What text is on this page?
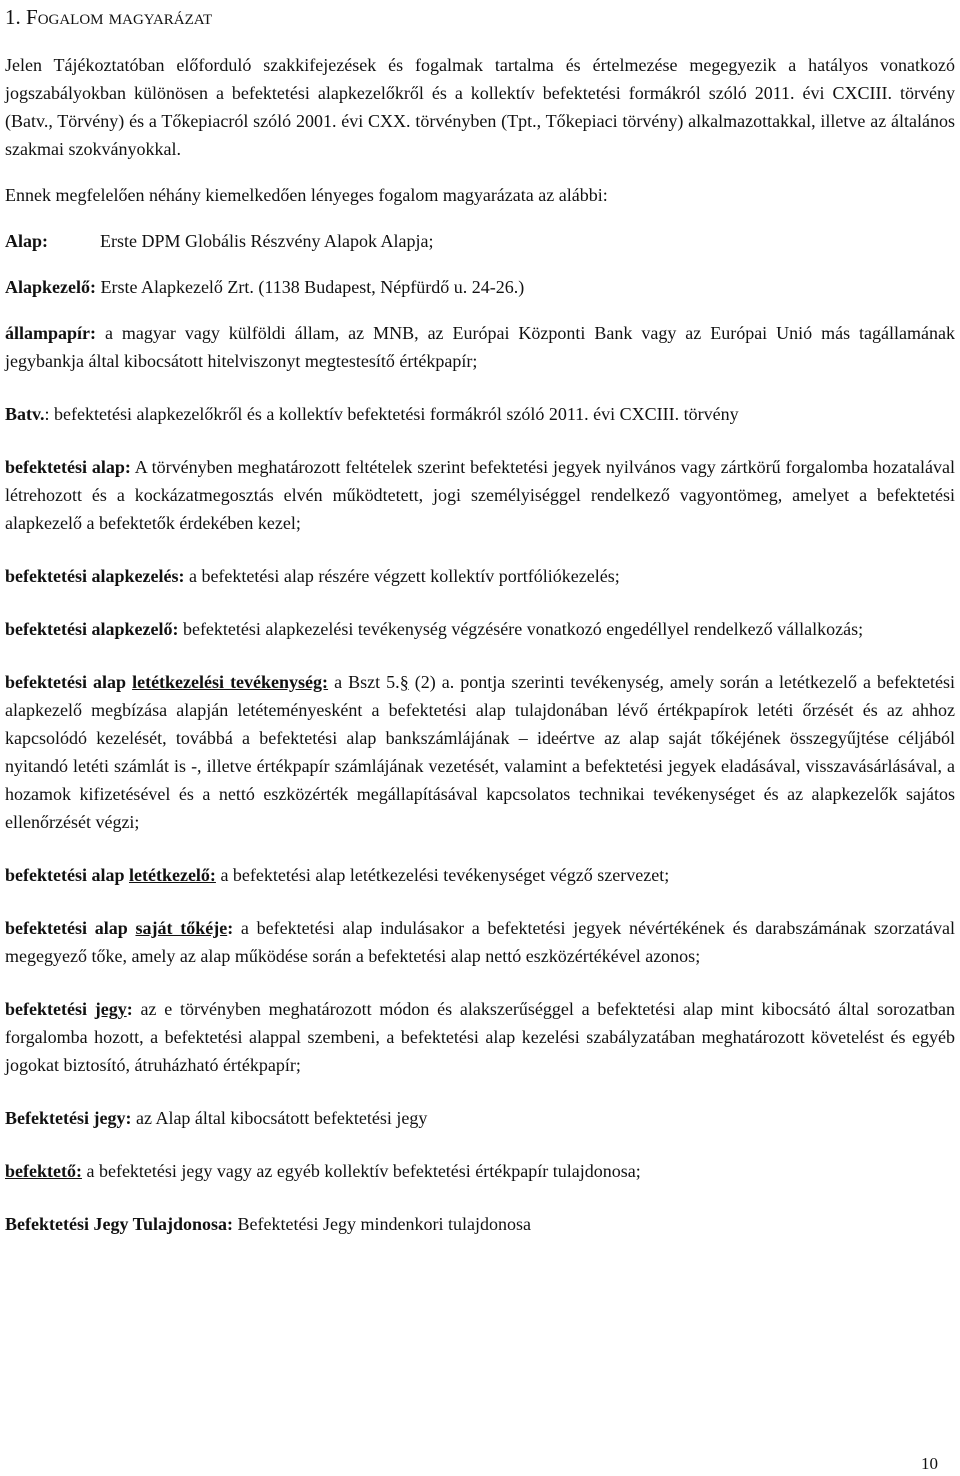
1. Fogalom magyarázat

Jelen Tájékoztatóban előforduló szakkifejezések és fogalmak tartalma és értelmezése megegyezik a hatályos vonatkozó jogszabályokban különösen a befektetési alapkezelőkről és a kollektív befektetési formákról szóló 2011. évi CXCIII. törvény (Batv., Törvény) és a Tőkepiacról szóló 2001. évi CXX. törvényben (Tpt., Tőkepiaci törvény) alkalmazottakkal, illetve az általános szakmai szokványokkal.

Ennek megfelelően néhány kiemelkedően lényeges fogalom magyarázata az alábbi:

Alap:	Erste DPM Globális Részvény Alapok Alapja;

Alapkezelő: Erste Alapkezelő Zrt. (1138 Budapest, Népfürdő u. 24-26.)

állampapír: a magyar vagy külföldi állam, az MNB, az Európai Központi Bank vagy az Európai Unió más tagállamának jegybankja által kibocsátott hitelviszonyt megtestesítő értékpapír;

Batv.: befektetési alapkezelőkről és a kollektív befektetési formákról szóló 2011. évi CXCIII. törvény

befektetési alap: A törvényben meghatározott feltételek szerint befektetési jegyek nyilvános vagy zártkörű forgalomba hozatalával létrehozott és a kockázatmegosztás elvén működtetett, jogi személyiséggel rendelkező vagyontömeg, amelyet a befektetési alapkezelő a befektetők érdekében kezel;

befektetési alapkezelés: a befektetési alap részére végzett kollektív portfóliókezelés;

befektetési alapkezelő: befektetési alapkezelési tevékenység végzésére vonatkozó engedéllyel rendelkező vállalkozás;

befektetési alap letétkezelési tevékenység: a Bszt 5.§ (2) a. pontja szerinti tevékenység, amely során a letétkezelő a befektetési alapkezelő megbízása alapján letéteményesként a befektetési alap tulajdonában lévő értékpapírok letéti őrzését és az ahhoz kapcsolódó kezelését, továbbá a befektetési alap bankszámlájának – ideértve az alap saját tőkéjének összegyűjtése céljából nyitandó letéti számlát is -, illetve értékpapír számlájának vezetését, valamint a befektetési jegyek eladásával, visszavásárlásával, a hozamok kifizetésével és a nettó eszközérték megállapításával kapcsolatos technikai tevékenységet és az alapkezelők sajátos ellenőrzését végzi;

befektetési alap letétkezelő: a befektetési alap letétkezelési tevékenységet végző szervezet;

befektetési alap saját tőkéje: a befektetési alap indulásakor a befektetési jegyek névértékének és darabszámának szorzatával megegyező tőke, amely az alap működése során a befektetési alap nettó eszközértékével azonos;

befektetési jegy: az e törvényben meghatározott módon és alakszerűséggel a befektetési alap mint kibocsátó által sorozatban forgalomba hozott, a befektetési alappal szembeni, a befektetési alap kezelési szabályzatában meghatározott követelést és egyéb jogokat biztosító, átruházható értékpapír;

Befektetési jegy: az Alap által kibocsátott befektetési jegy

befektető: a befektetési jegy vagy az egyéb kollektív befektetési értékpapír tulajdonosa;

Befektetési Jegy Tulajdonosa: Befektetési Jegy mindenkori tulajdonosa

10
